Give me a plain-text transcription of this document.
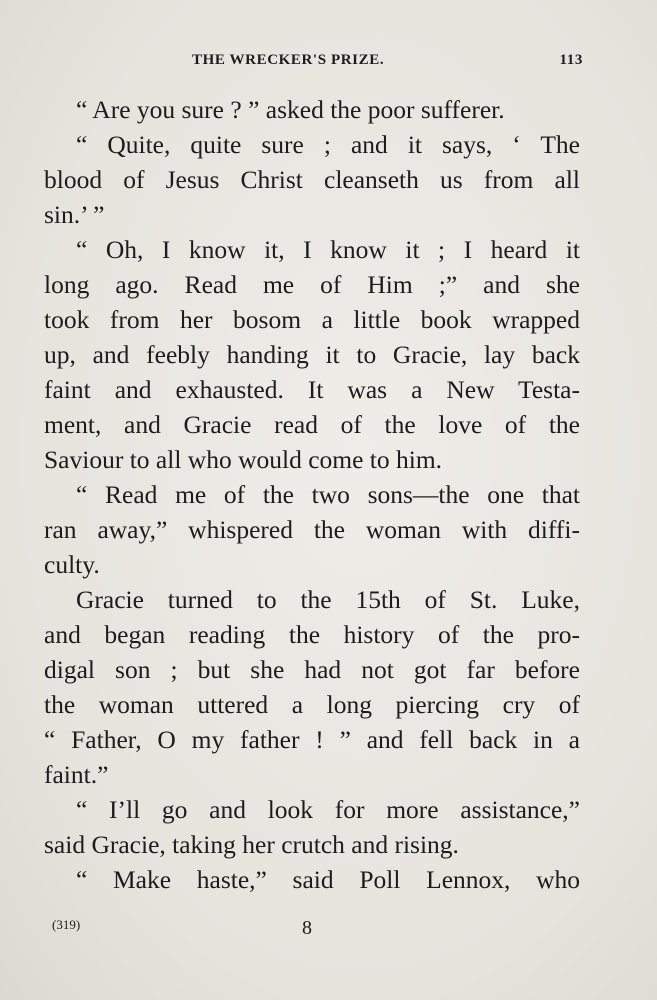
THE WRECKER'S PRIZE.	113
“ Are you sure ? ” asked the poor sufferer.
“ Quite, quite sure ; and it says, ‘ The
blood of Jesus Christ cleanseth us from all
sin.’ ”
“ Oh, I know it, I know it ; I heard it
long ago. Read me of Him ;” and she
took from her bosom a little book wrapped
up, and feebly handing it to Gracie, lay back
faint and exhausted. It was a New Testa-
ment, and Gracie read of the love of the
Saviour to all who would come to him.
“ Read me of the two sons—the one that
ran away,” whispered the woman with diffi-
culty.
Gracie turned to the 15th of St. Luke,
and began reading the history of the pro-
digal son ; but she had not got far before
the woman uttered a long piercing cry of
“ Father, O my father ! ” and fell back in a
faint.”
“ I’ll go and look for more assistance,”
said Gracie, taking her crutch and rising.
“ Make haste,” said Poll Lennox, who
(319)	8
